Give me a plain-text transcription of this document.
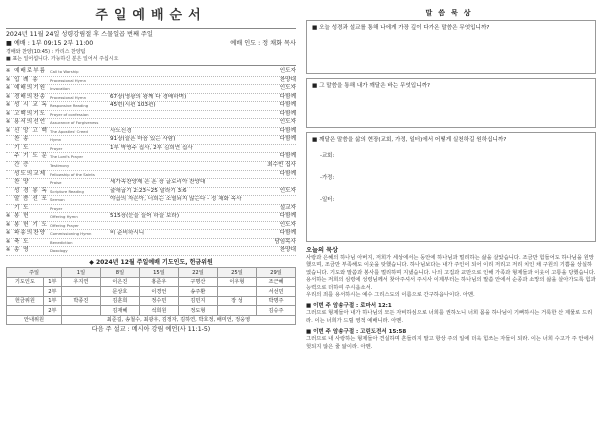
주일예배순서
2024년 11월 24일 성령강림절 후 스물일곱 번째 주일
■ 예배 : 1부 09:15 2부 11:00	예배 인도 : 정 채화 목사
경배와 찬양(10:45) : 카리스 찬양팀
■ 표는 일어섭니다. 가능하신 분은 일어서 주십시오
※ 예배로부름	Call to Worship	인도자
※ 입 례 송	Processional Hymn	찬양대
※ 예배의기원	Invocation	인도자
※ 경배의찬송	Processional Hymn	67장(영광의 왕께 다 경배하며)	다함께
※ 성 시 교 독 Responsive Reading	45번(시편 103편)	다함께
※ 고백의기도	Prayer of confession	다함께
※ 용서의선언	Assurance of Forgiveness	인도자
※ 신 앙 고 백 The Apostles' Creed	사도신경	다함께
찬 송	Hymn	91장(슬픈 마음 있는 사람)	다함께
기 도	Prayer	1부 박명주 집사, 2부 김희연 집사
주 기 도 문 The Lord's Prayer	다함께
간 증	Testimony	최수빈 집사
성도의교제	Fellowship of the Saints	다함께
찬 양	Praise	세가족찬양제 은 혼 장 글로리아 찬양대
성 경 봉 독 Scripture Reading	출애굽기 2:23~25 말라기 3:6	인도자
말 씀 선 포 Sermon	야곱의 자손아, 너희는 소멸되지 않는다 - 정 채화 목사
기 도	Prayer	설교자
※ 봉 헌	Offering Hymn	515장(눈을 들어 하늘 보라)	다함께
※ 봉 헌 기 도 Offering Prayer	인도자
※ 파송의찬양	Commissioning Hymn	비 준비하시니	다함께
※ 축 도	Benediction	담임목사
※ 송 영	Doxology	찬양대
◆ 2024년 12월 주일예배 기도인도, 헌금위원
주일		1일	8일	15일	22일	25일	29일
기도인도	1부	우지연	이은진	홍준우	구명산	이우형	조근혜
	2부		문상호	이경언	송주환		서선민
헌금위원	1부	박종진	김훈희	정수민	김민지	장 성	박명주
	2부		김재혜	석희원	정도형		김승주
안내위원		최준길, 송철수, 최광우, 김정자, 김하연, 박호정, 배미언, 정웅영					
다음 주 설교 : 메시아 강림 예언(사 11:1-5)
말씀묵상
■ 오늘 성경과 설교를 통해 나에게 가장 깊이 다가온 말씀은 무엇입니까?
■ 그 말씀을 통해 내가 깨달은 바는 무엇입니까?
■ 깨달은 말씀을 삶의 현장(교회, 가정, 일터)에서 어떻게 실천하길 원하십니까?
-교회:
-가정:
-일터:
오늘의 묵상
사랑과 은혜의 하나님 아버지, 저희가 세상에서는 동안에 하나님과 멀리하는 삶을 살았습니다. 조금만 힘들어도 하나님을 원망했으며, 조금만 부족해도 이웃을 탓했습니다. 하나님보다는 내가 주인이 되어 이리 저리고 저리 치인 채 구원의 기쁨을 상실하였습니다. 기도와 말씀과 봉사를 멀리하며 지냈습니다. 나의 고집과 교만으로 인해 가족과 형제들과 이웃이 고통을 당했습니다. 용서하는 저희의 심령에 성령님께서 찾아주셔서 주시사 이제부터는 하나님의 말씀 안에서 순종과 소망의 삶을 살아가도록 힘과 능력으로 더하여 주시옵소서.
우리의 죄를 용서하시는 예수 그리스도의 이름으로 간구하옵나이다. 아멘.
■ 이번 주 암송구절 : 로마서 12:1
그러므로 형제들아 내가 하나님의 모든 자비하심으로 너희를 권하노니 너희 몸을 하나님이 기뻐하시는 거룩한 산 제물로 드리라. 이는 너희가 드릴 영적 예배니라. 아멘.
■ 이번 주 암송구절 : 고린도전서 15:58
그러므로 내 사랑하는 형제들아 견실하며 흔들리지 말고 항상 주의 일에 더욱 힘쓰는 자들이 되라. 이는 너희 수고가 주 안에서 헛되지 않은 줄 앎이라. 아멘.
